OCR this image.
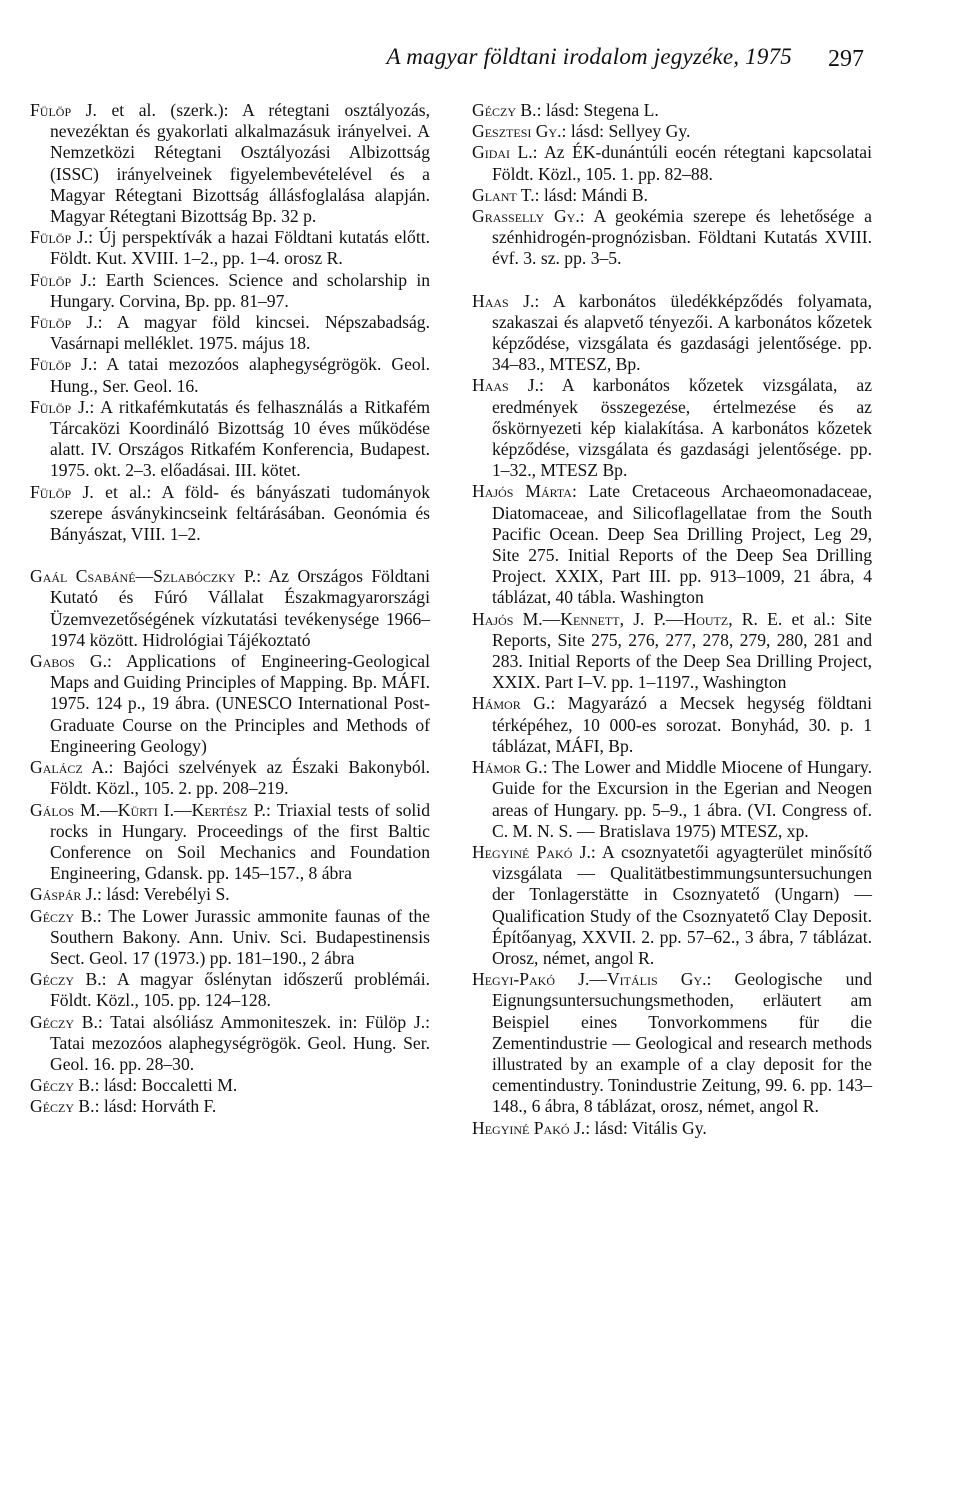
A magyar földtani irodalom jegyzéke, 1975 297

Fülöp J. et al. (szerk.): A rétegtani osztályozás, nevezéktan és gyakorlati alkalmazásuk irányelvei. A Nemzetközi Rétegtani Osztályozási Albizottság (ISSC) irányelveinek figyelembevételével és a Magyar Rétegtani Bizottság állásfoglalása alapján. Magyar Rétegtani Bizottság Bp. 32 p.

Fülöp J.: Új perspektívák a hazai Földtani kutatás előtt. Földt. Kut. XVIII. 1–2., pp. 1–4. orosz R.

Fülöp J.: Earth Sciences. Science and scholarship in Hungary. Corvina, Bp. pp. 81–97.

Fülöp J.: A magyar föld kincsei. Népszabadság. Vasárnapi melléklet. 1975. május 18.

Fülöp J.: A tatai mezozóos alaphegységrögök. Geol. Hung., Ser. Geol. 16.

Fülöp J.: A ritkafémkutatás és felhasználás a Ritkafém Tárcaközi Koordináló Bizottság 10 éves működése alatt. IV. Országos Ritkafém Konferencia, Budapest. 1975. okt. 2–3. előadásai. III. kötet.

Fülöp J. et al.: A föld- és bányászati tudományok szerepe ásványkincseink feltárásában. Geonómia és Bányászat, VIII. 1–2.

Gaál Csabáné—Szlabóczky P.: Az Országos Földtani Kutató és Fúró Vállalat Északmagyarországi Üzemvezetőségének vízkutatási tevékenysége 1966–1974 között. Hidrológiai Tájékoztató

Gabos G.: Applications of Engineering-Geological Maps and Guiding Principles of Mapping. Bp. MÁFI. 1975. 124 p., 19 ábra. (UNESCO International Post-Graduate Course on the Principles and Methods of Engineering Geology)

Galácz A.: Bajóci szelvények az Északi Bakonyból. Földt. Közl., 105. 2. pp. 208–219.

Gálos M.—Kürti I.—Kertész P.: Triaxial tests of solid rocks in Hungary. Proceedings of the first Baltic Conference on Soil Mechanics and Foundation Engineering, Gdansk. pp. 145–157., 8 ábra

Gáspár J.: lásd: Verebélyi S.

Géczy B.: The Lower Jurassic ammonite faunas of the Southern Bakony. Ann. Univ. Sci. Budapestinensis Sect. Geol. 17 (1973.) pp. 181–190., 2 ábra

Géczy B.: A magyar őslénytan időszerű problémái. Földt. Közl., 105. pp. 124–128.

Géczy B.: Tatai alsóliász Ammoniteszek. in: Fülöp J.: Tatai mezozóos alaphegységrögök. Geol. Hung. Ser. Geol. 16. pp. 28–30.

Géczy B.: lásd: Boccaletti M.

Géczy B.: lásd: Horváth F.

Géczy B.: lásd: Stegena L.

Gesztesi Gy.: lásd: Sellyey Gy.

Gidai L.: Az ÉK-dunántúli eocén rétegtani kapcsolatai Földt. Közl., 105. 1. pp. 82–88.

Glant T.: lásd: Mándi B.

Grasselly Gy.: A geokémia szerepe és lehetősége a szénhidrogén-prognózisban. Földtani Kutatás XVIII. évf. 3. sz. pp. 3–5.

Haas J.: A karbonátos üledékképződés folyamata, szakaszai és alapvető tényezői. A karbonátos kőzetek képződése, vizsgálata és gazdasági jelentősége. pp. 34–83., MTESZ, Bp.

Haas J.: A karbonátos kőzetek vizsgálata, az eredmények összegezése, értelmezése és az őskörnyezeti kép kialakítása. A karbonátos kőzetek képződése, vizsgálata és gazdasági jelentősége. pp. 1–32., MTESZ Bp.

Hajós Márta: Late Cretaceous Archaeomonadaceae, Diatomaceae, and Silicoflagellatae from the South Pacific Ocean. Deep Sea Drilling Project, Leg 29, Site 275. Initial Reports of the Deep Sea Drilling Project. XXIX, Part III. pp. 913–1009, 21 ábra, 4 táblázat, 40 tábla. Washington

Hajós M.—Kennett, J. P.—Houtz, R. E. et al.: Site Reports, Site 275, 276, 277, 278, 279, 280, 281 and 283. Initial Reports of the Deep Sea Drilling Project, XXIX. Part I–V. pp. 1–1197., Washington

Hámor G.: Magyarázó a Mecsek hegység földtani térképéhez, 10 000-es sorozat. Bonyhád, 30. p. 1 táblázat, MÁFI, Bp.

Hámor G.: The Lower and Middle Miocene of Hungary. Guide for the Excursion in the Egerian and Neogen areas of Hungary. pp. 5–9., 1 ábra. (VI. Congress of. C. M. N. S. — Bratislava 1975) MTESZ, xp.

Hegyiné Pakó J.: A csoznyatetői agyagterület minősítő vizsgálata — Qualitätbestimmungsuntersuchungen der Tonlagerstätte in Csoznyatető (Ungarn) — Qualification Study of the Csoznyatető Clay Deposit. Építőanyag, XXVII. 2. pp. 57–62., 3 ábra, 7 táblázat. Orosz, német, angol R.

Hegyi-Pakó J.—Vitális Gy.: Geologische und Eignungsuntersuchungsmethoden, erläutert am Beispiel eines Tonvorkommens für die Zementindustrie — Geological and research methods illustrated by an example of a clay deposit for the cementindustry. Tonindustrie Zeitung, 99. 6. pp. 143–148., 6 ábra, 8 táblázat, orosz, német, angol R.

Hegyiné Pakó J.: lásd: Vitális Gy.
